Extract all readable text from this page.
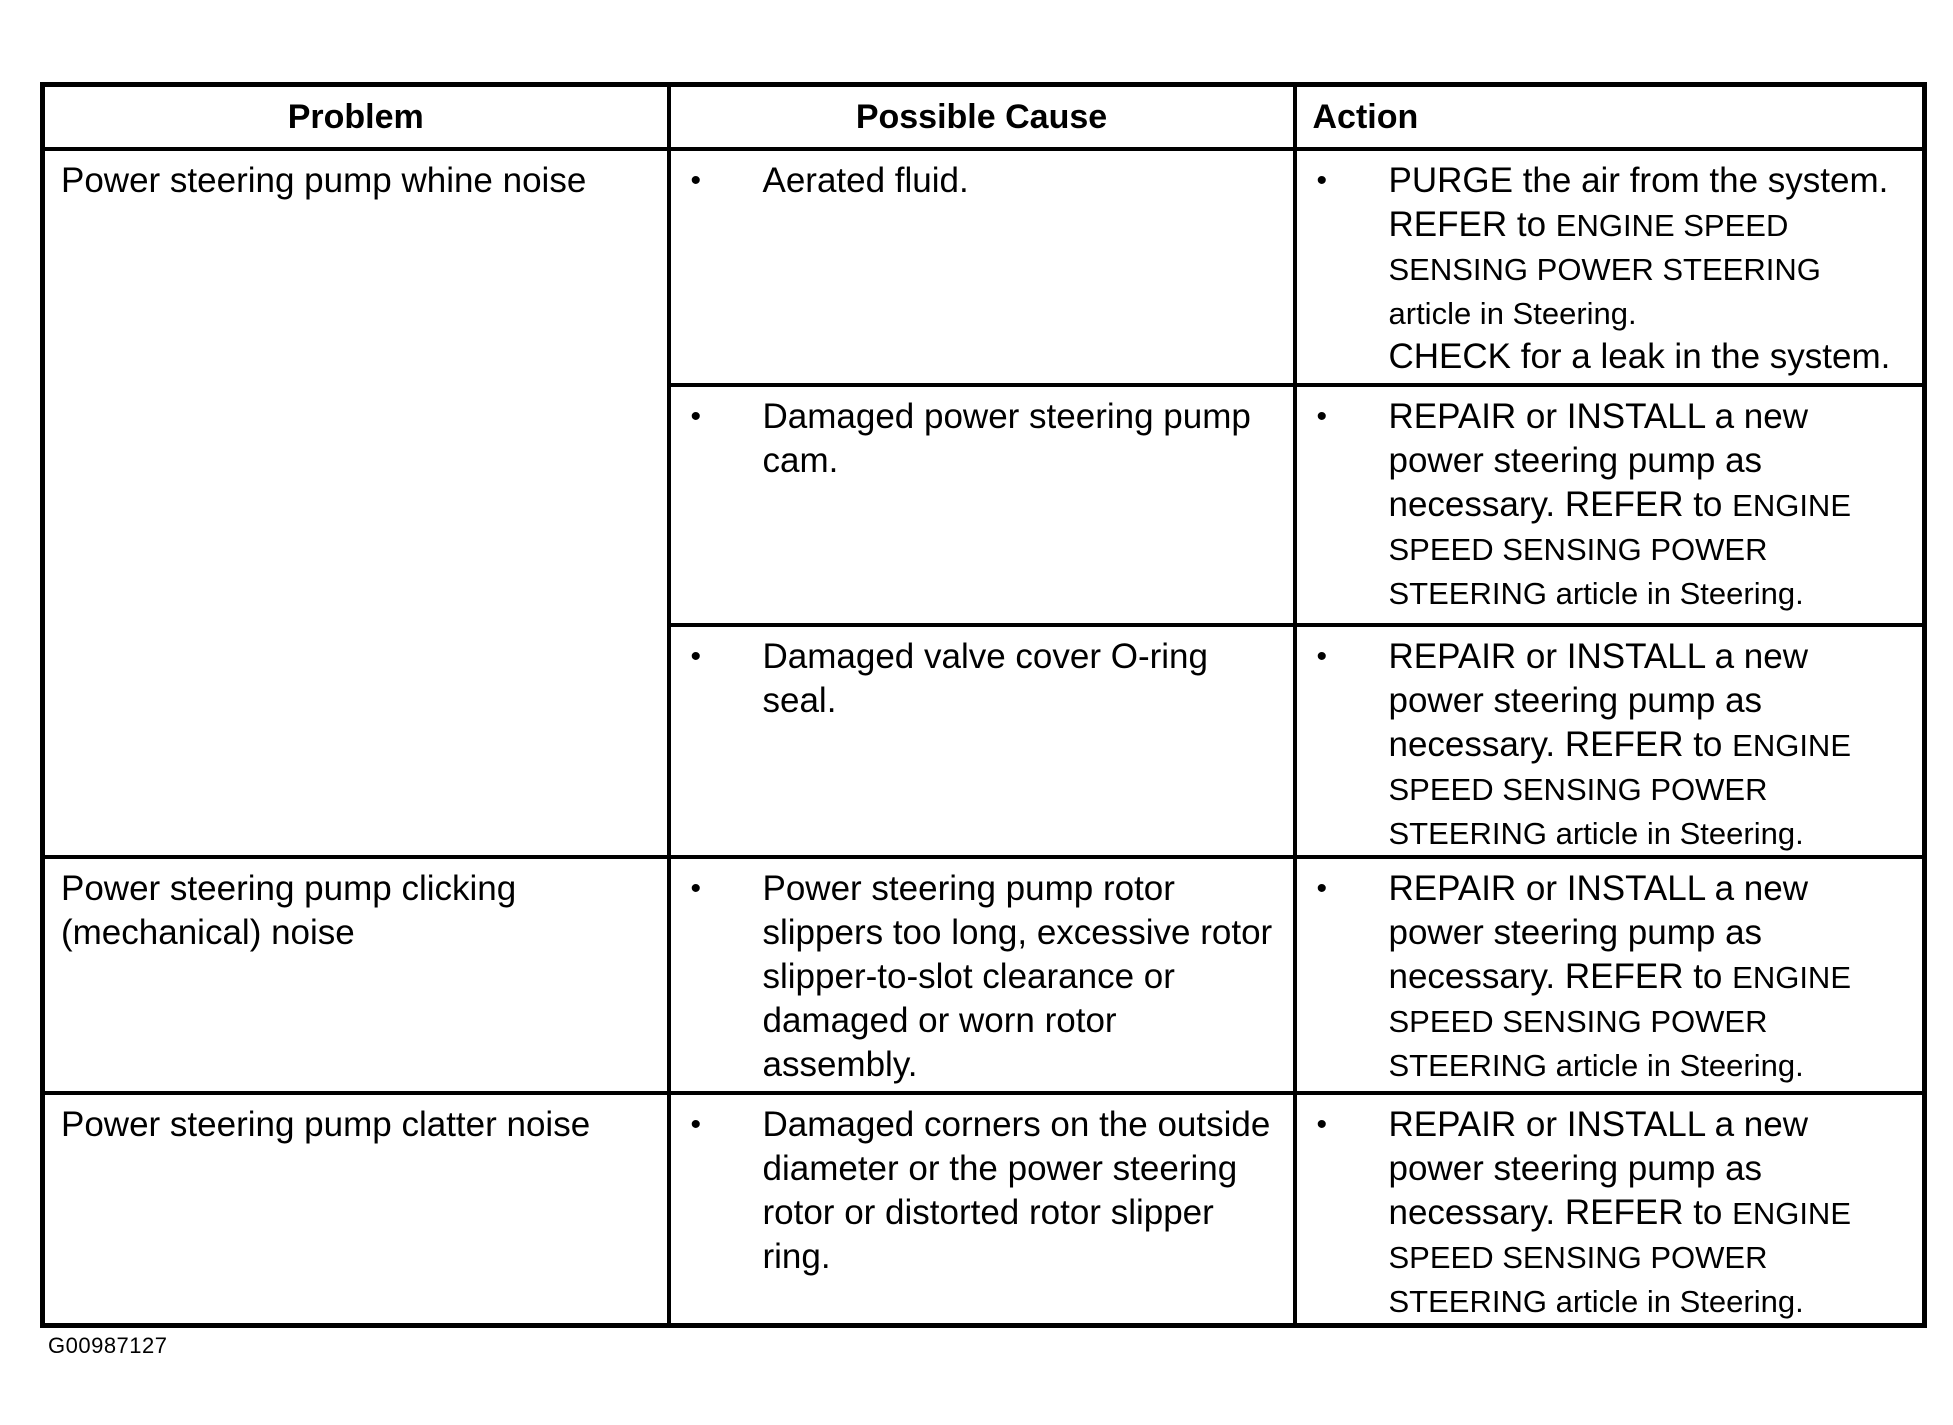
Problem	Possible Cause	Action
Power steering pump whine noise	• Aerated fluid.	• PURGE the air from the system. REFER to ENGINE SPEED SENSING POWER STEERING article in Steering.
CHECK for a leak in the system.

	• Damaged power steering pump cam.	• REPAIR or INSTALL a new power steering pump as necessary. REFER to ENGINE SPEED SENSING POWER STEERING article in Steering.

	• Damaged valve cover O-ring seal.	• REPAIR or INSTALL a new power steering pump as necessary. REFER to ENGINE SPEED SENSING POWER STEERING article in Steering.

Power steering pump clicking (mechanical) noise	• Power steering pump rotor slippers too long, excessive rotor slipper-to-slot clearance or damaged or worn rotor assembly.	• REPAIR or INSTALL a new power steering pump as necessary. REFER to ENGINE SPEED SENSING POWER STEERING article in Steering.

Power steering pump clatter noise	• Damaged corners on the outside diameter or the power steering rotor or distorted rotor slipper ring.	• REPAIR or INSTALL a new power steering pump as necessary. REFER to ENGINE SPEED SENSING POWER STEERING article in Steering.
G00987127
